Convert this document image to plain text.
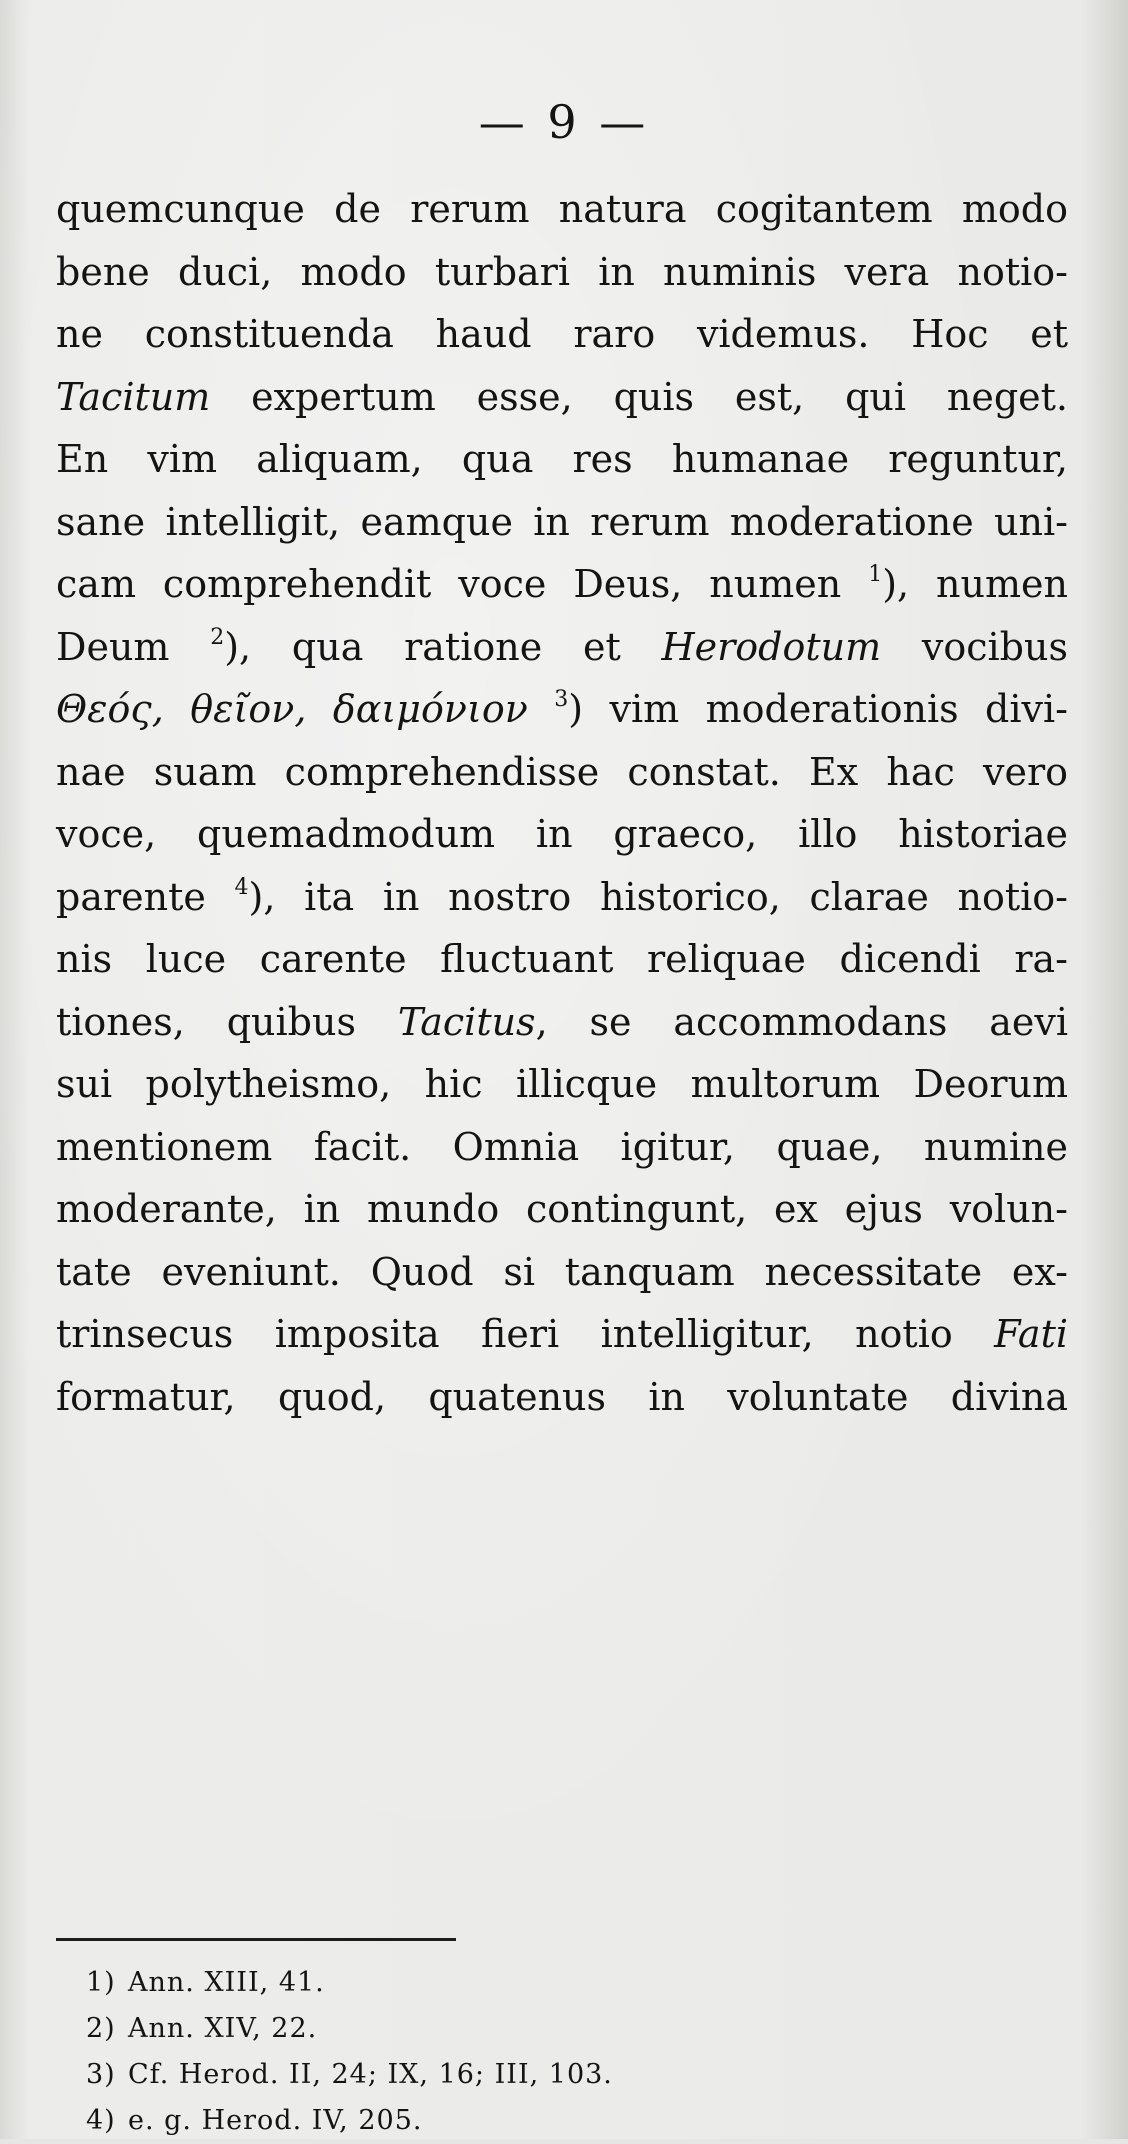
— 9 —
quemcunque de rerum natura cogitantem modo
bene duci, modo turbari in numinis vera notio-
ne constituenda haud raro videmus. Hoc et
Tacitum expertum esse, quis est, qui neget.
En vim aliquam, qua res humanae reguntur,
sane intelligit, eamque in rerum moderatione uni-
cam comprehendit voce Deus, numen $^1$), numen
Deum $^2$), qua ratione et Herodotum vocibus
Θεός, θεῖον, δαιμόνιον $^3$) vim moderationis divi-
nae suam comprehendisse constat. Ex hac vero
voce, quemadmodum in graeco, illo historiae
parente $^4$), ita in nostro historico, clarae notio-
nis luce carente fluctuant reliquae dicendi ra-
tiones, quibus Tacitus, se accommodans aevi
sui polytheismo, hic illicque multorum Deorum
mentionem facit. Omnia igitur, quae, numine
moderante, in mundo contingunt, ex ejus volun-
tate eveniunt. Quod si tanquam necessitate ex-
trinsecus imposita fieri intelligitur, notio Fati
formatur, quod, quatenus in voluntate divina
1) Ann. XIII, 41.
2) Ann. XIV, 22.
3) Cf. Herod. II, 24; IX, 16; III, 103.
4) e. g. Herod. IV, 205.
